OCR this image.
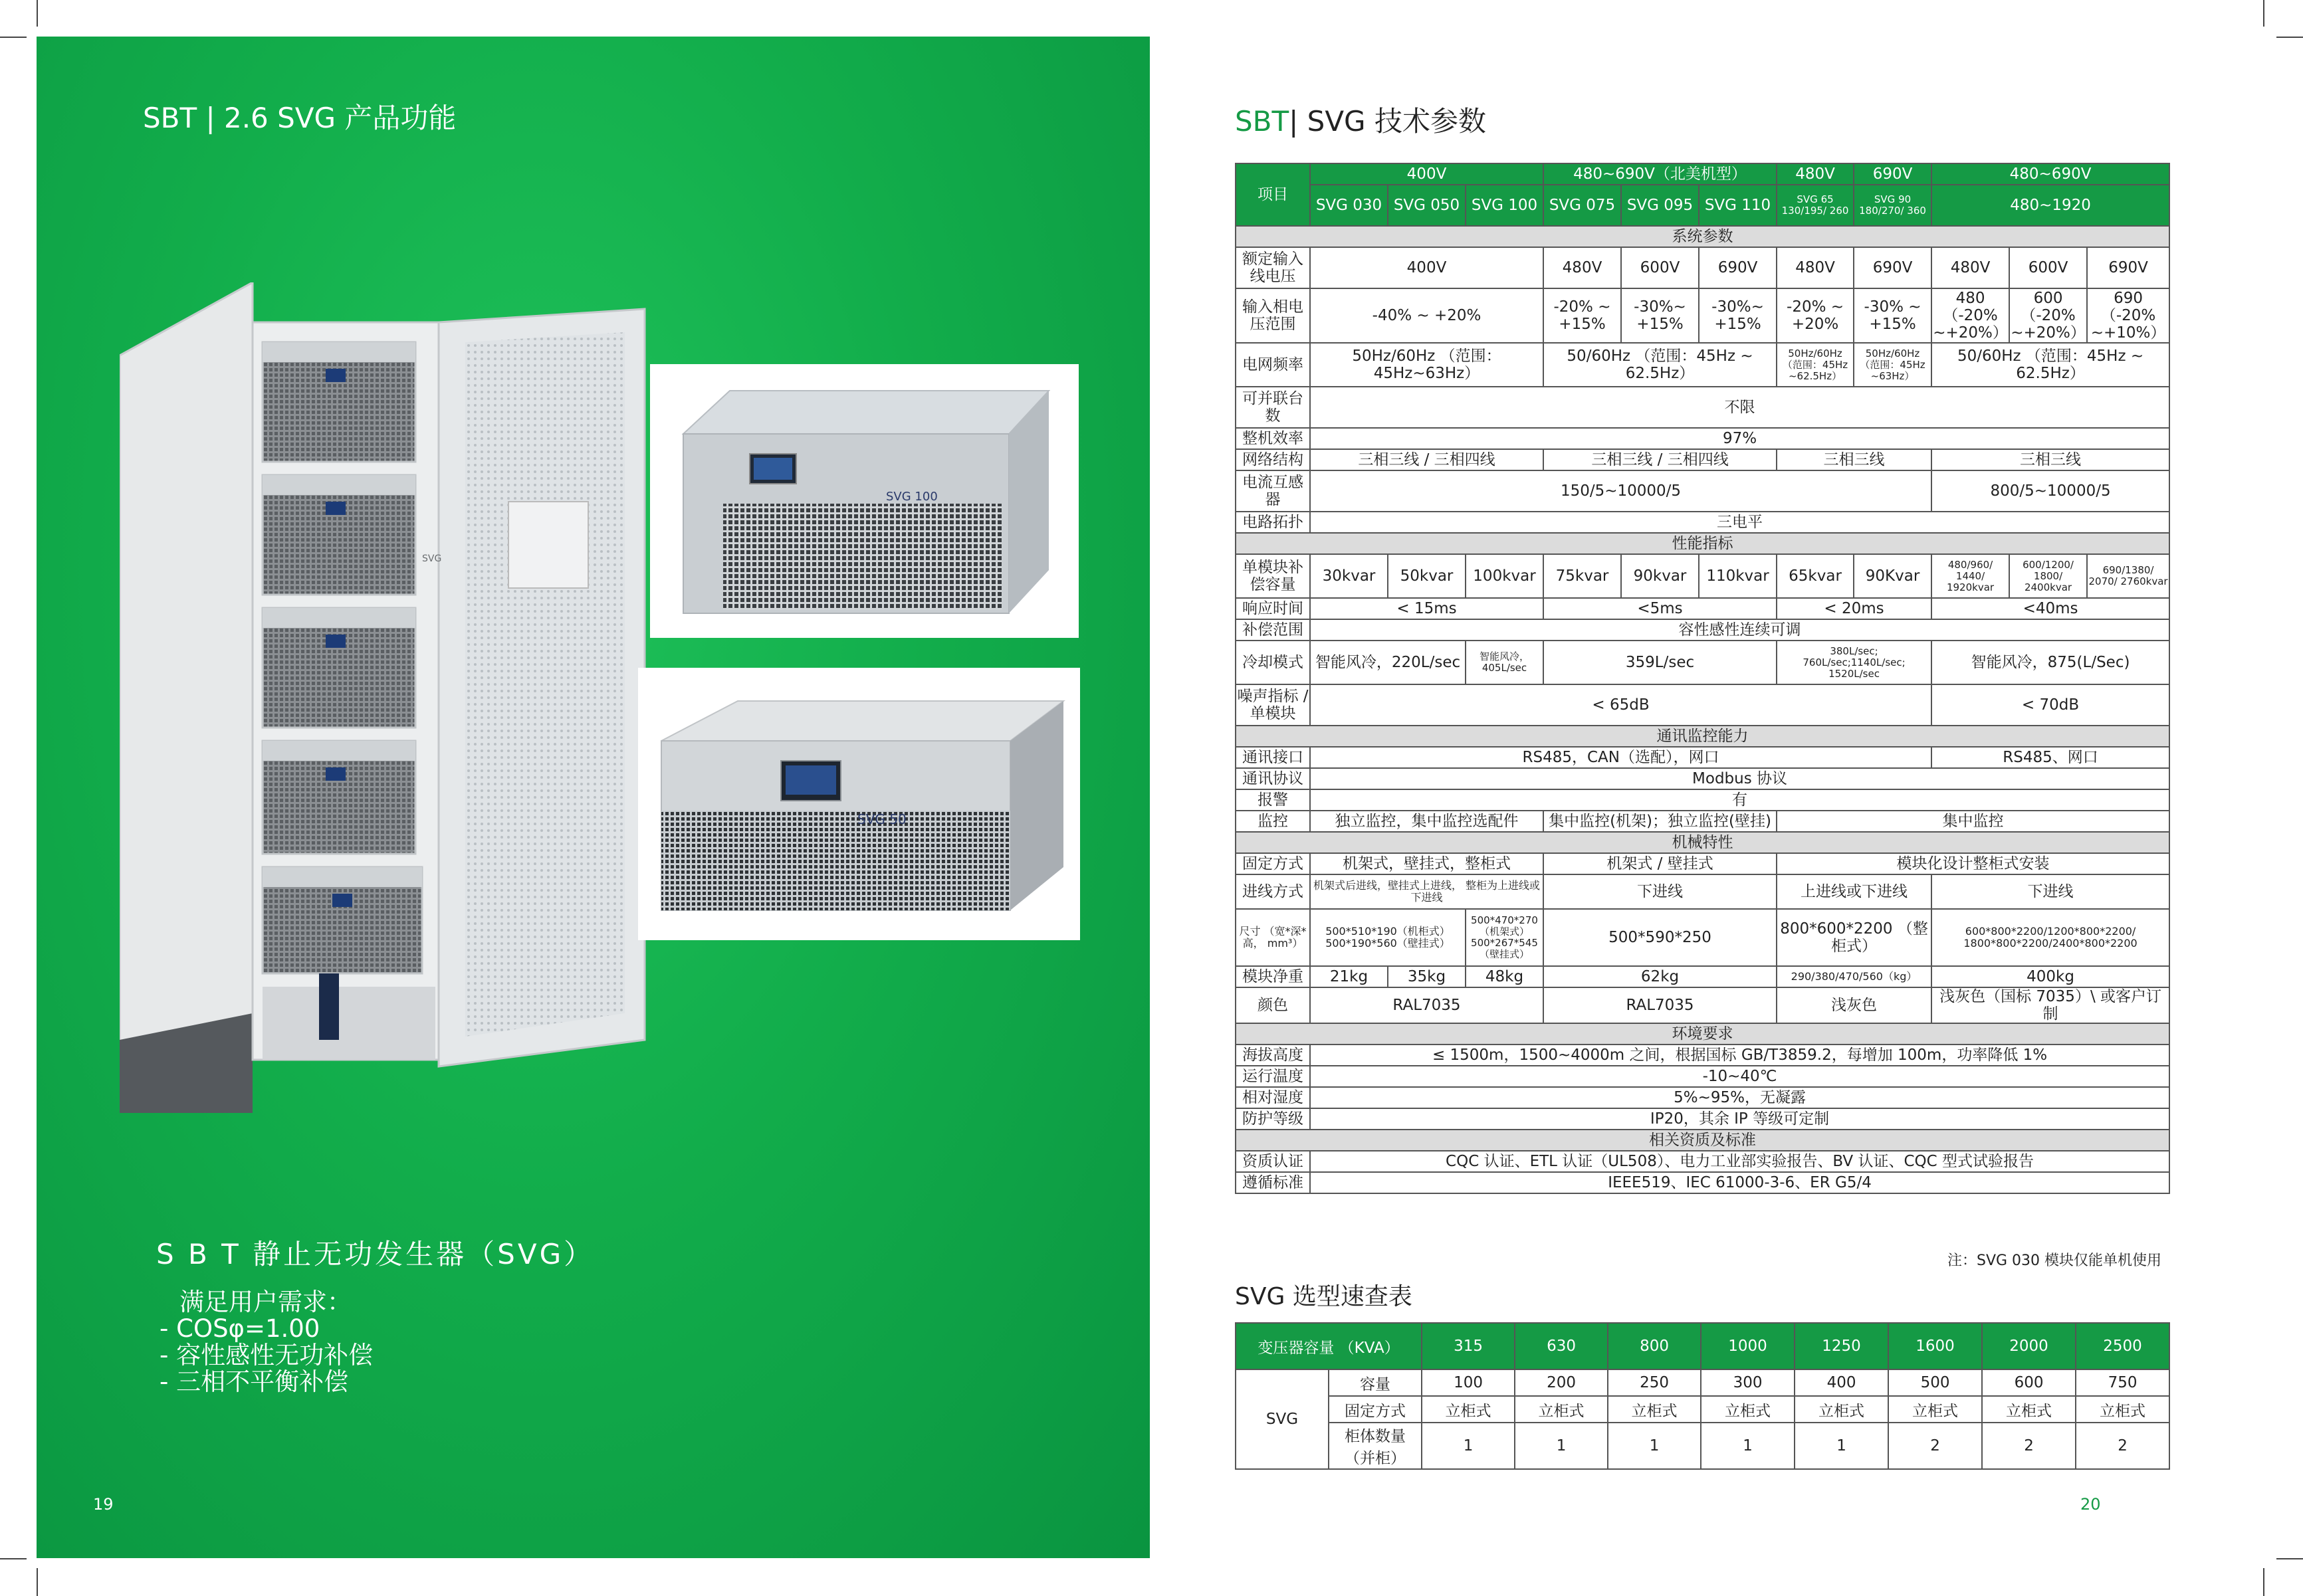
SBT | 2.6 SVG 产品功能
SVG
SVG 100
SVG 50
S B T 静止无功发生器（SVG）
满足用户需求：
- COSφ=1.00
- 容性感性无功补偿
- 三相不平衡补偿
19
SBT| SVG 技术参数
项目	400V			480~690V（北美机型）			480V	690V	480~690V		
	SVG 030	SVG 050	SVG 100	SVG 075	SVG 095	SVG 110	SVG 65 130/195/ 260	SVG 90 180/270/ 360	480~1920		
系统参数											
额定输入线电压	400V			480V	600V	690V	480V	690V	480V	600V	690V
输入相电压范围	-40% ~ +20%			-20% ~ +15%	-30%~ +15%	-30%~ +15%	-20% ~ +20%	-30% ~ +15%	480 （-20% ~+20%）	600 （-20% ~+20%）	690 （-20% ~+10%）
电网频率	50Hz/60Hz （范围：45Hz~63Hz）			50/60Hz （范围：45Hz ~ 62.5Hz）			50Hz/60Hz （范围：45Hz ~62.5Hz）	50Hz/60Hz （范围：45Hz ~63Hz）	50/60Hz （范围：45Hz ~ 62.5Hz）		
可并联台数	不限										
整机效率	97%										
网络结构	三相三线 / 三相四线			三相三线 / 三相四线			三相三线		三相三线		
电流互感器	150/5~10000/5								800/5~10000/5		
电路拓扑	三电平										
性能指标											
单模块补偿容量	30kvar	50kvar	100kvar	75kvar	90kvar	110kvar	65kvar	90Kvar	480/960/ 1440/ 1920kvar	600/1200/ 1800/ 2400kvar	690/1380/ 2070/ 2760kvar
响应时间	< 15ms			<5ms			< 20ms		<40ms		
补偿范围	容性感性连续可调										
冷却模式	智能风冷，220L/sec		智能风冷， 405L/sec	359L/sec			380L/sec; 760L/sec;1140L/sec; 1520L/sec		智能风冷，875(L/Sec)		
噪声指标 / 单模块	< 65dB								< 70dB		
通讯监控能力											
通讯接口	RS485，CAN（选配），网口								RS485、网口		
通讯协议	Modbus 协议										
报警	有										
监控	独立监控，集中监控选配件			集中监控(机架)；独立监控(壁挂)			集中监控				
机械特性											
固定方式	机架式，壁挂式，整柜式			机架式 / 壁挂式			模块化设计整柜式安装				
进线方式	机架式后进线，壁挂式上进线， 整柜为上进线或下进线			下进线			上进线或下进线		下进线		
尺寸 （宽*深*高， mm³）	500*510*190（机柜式） 500*190*560（壁挂式）		500*470*270 （机架式） 500*267*545 （壁挂式）	500*590*250			800*600*2200 （整柜式）		600*800*2200/1200*800*2200/ 1800*800*2200/2400*800*2200		
模块净重	21kg	35kg	48kg	62kg			290/380/470/560（kg）		400kg		
颜色	RAL7035			RAL7035			浅灰色		浅灰色（国标 7035）\ 或客户订制		
环境要求											
海拔高度	≤ 1500m，1500~4000m 之间，根据国标 GB/T3859.2，每增加 100m，功率降低 1%										
运行温度	-10~40℃										
相对湿度	5%~95%，无凝露										
防护等级	IP20，其余 IP 等级可定制										
相关资质及标准											
资质认证	CQC 认证、ETL 认证（UL508）、电力工业部实验报告、BV 认证、CQC 型式试验报告										
遵循标准	IEEE519、IEC 61000-3-6、ER G5/4										
注：SVG 030 模块仅能单机使用
SVG 选型速查表
变压器容量 （KVA）		315	630	800	1000	1250	1600	2000	2500
SVG	容量	100	200	250	300	400	500	600	750
	固定方式	立柜式	立柜式	立柜式	立柜式	立柜式	立柜式	立柜式	立柜式
	柜体数量（并柜）	1	1	1	1	1	2	2	2
20
